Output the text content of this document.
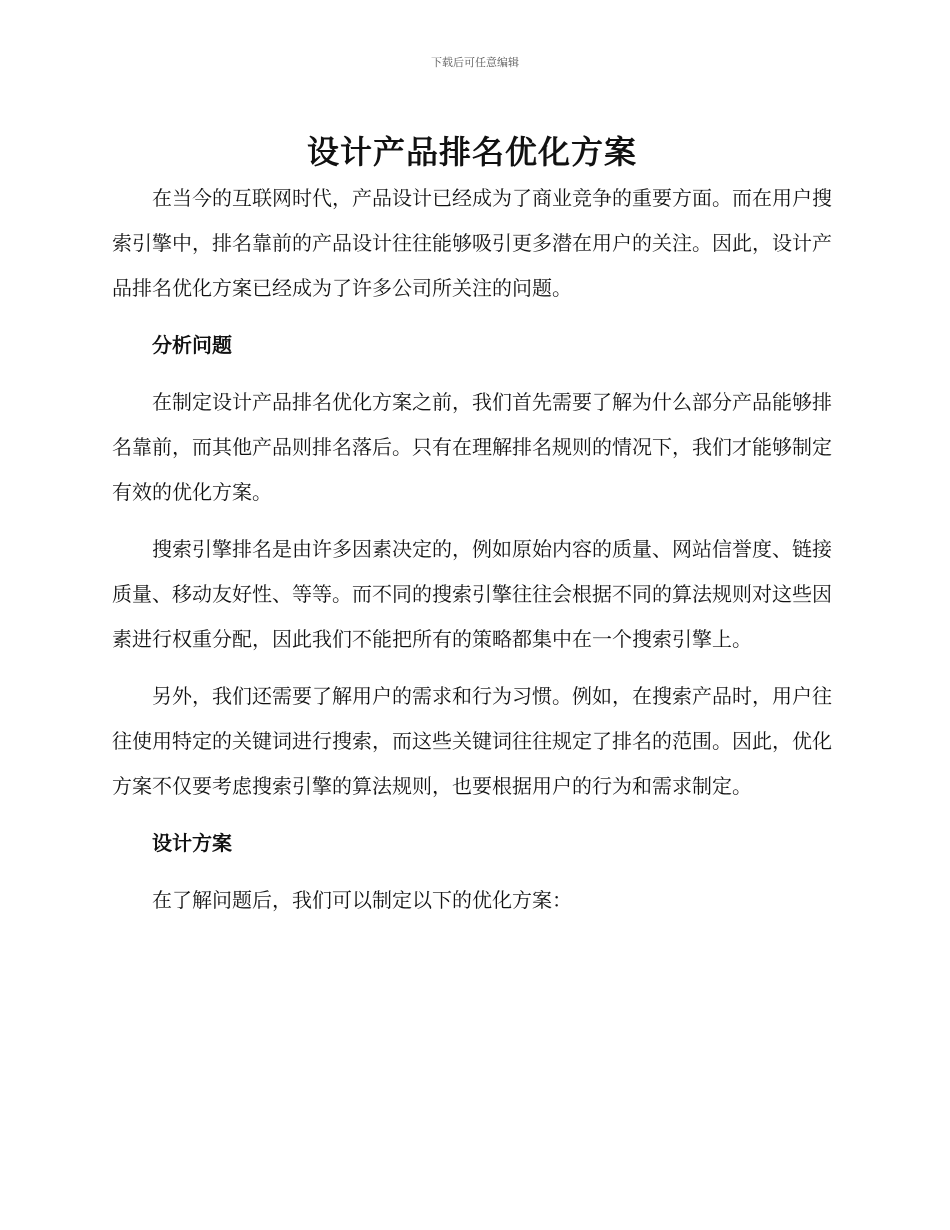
下载后可任意编辑
设计产品排名优化方案

在当今的互联网时代，产品设计已经成为了商业竞争的重要方面。而在用户搜索引擎中，排名靠前的产品设计往往能够吸引更多潜在用户的关注。因此，设计产品排名优化方案已经成为了许多公司所关注的问题。

分析问题

在制定设计产品排名优化方案之前，我们首先需要了解为什么部分产品能够排名靠前，而其他产品则排名落后。只有在理解排名规则的情况下，我们才能够制定有效的优化方案。

搜索引擎排名是由许多因素决定的，例如原始内容的质量、网站信誉度、链接质量、移动友好性、等等。而不同的搜索引擎往往会根据不同的算法规则对这些因素进行权重分配，因此我们不能把所有的策略都集中在一个搜索引擎上。

另外，我们还需要了解用户的需求和行为习惯。例如，在搜索产品时，用户往往使用特定的关键词进行搜索，而这些关键词往往规定了排名的范围。因此，优化方案不仅要考虑搜索引擎的算法规则，也要根据用户的行为和需求制定。

设计方案

在了解问题后，我们可以制定以下的优化方案：
